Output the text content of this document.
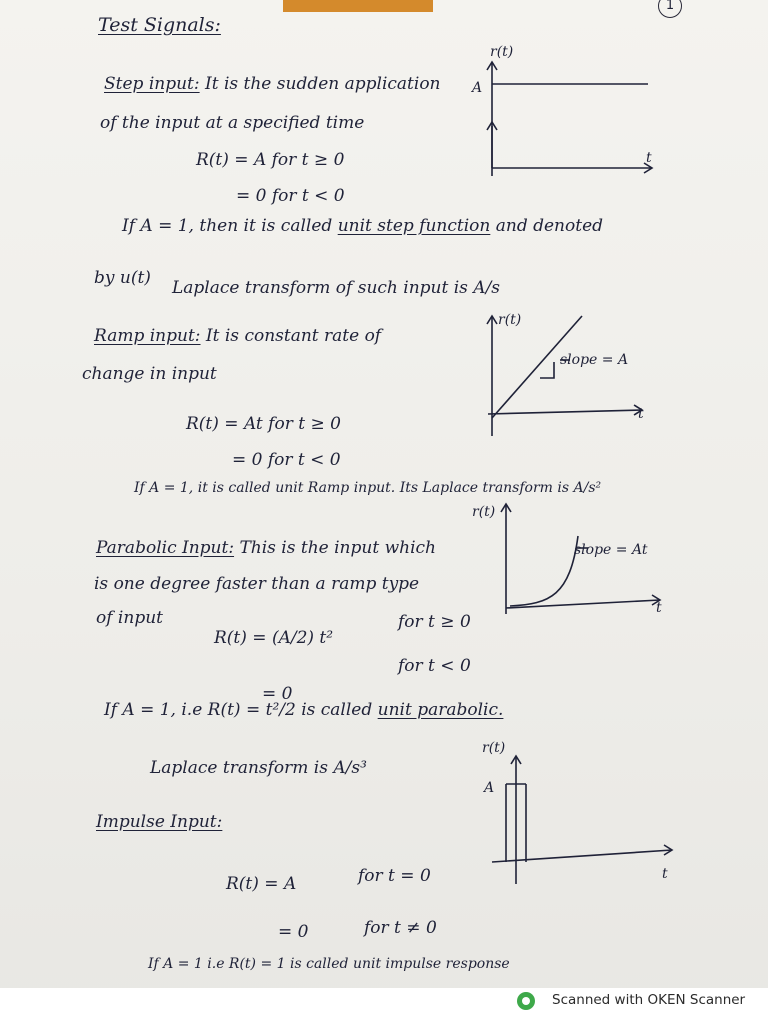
1
Test Signals:
Step input: It is the sudden application
of the input at a specified time
R(t) = A for t ≥ 0
= 0 for t < 0
If A = 1, then it is called unit step function and denoted
by u(t) Laplace transform of such input is A/s
r(t)
A
t
Ramp input: It is constant rate of
change in input
R(t) = At for t ≥ 0
= 0 for t < 0
If A = 1, it is called unit Ramp input. Its Laplace transform is A/s²
r(t)
slope = A
t
Parabolic Input: This is the input which
is one degree faster than a ramp type
of input
R(t) = (A/2) t²
for t ≥ 0
= 0
for t < 0
If A = 1, i.e R(t) = t²/2 is called unit parabolic.
Laplace transform is A/s³
r(t)
slope = At
t
Impulse Input:
R(t) = A	for t = 0
= 0	for t ≠ 0
If A = 1 i.e R(t) = 1 is called unit impulse response
r(t)
A
t
Scanned with OKEN Scanner
